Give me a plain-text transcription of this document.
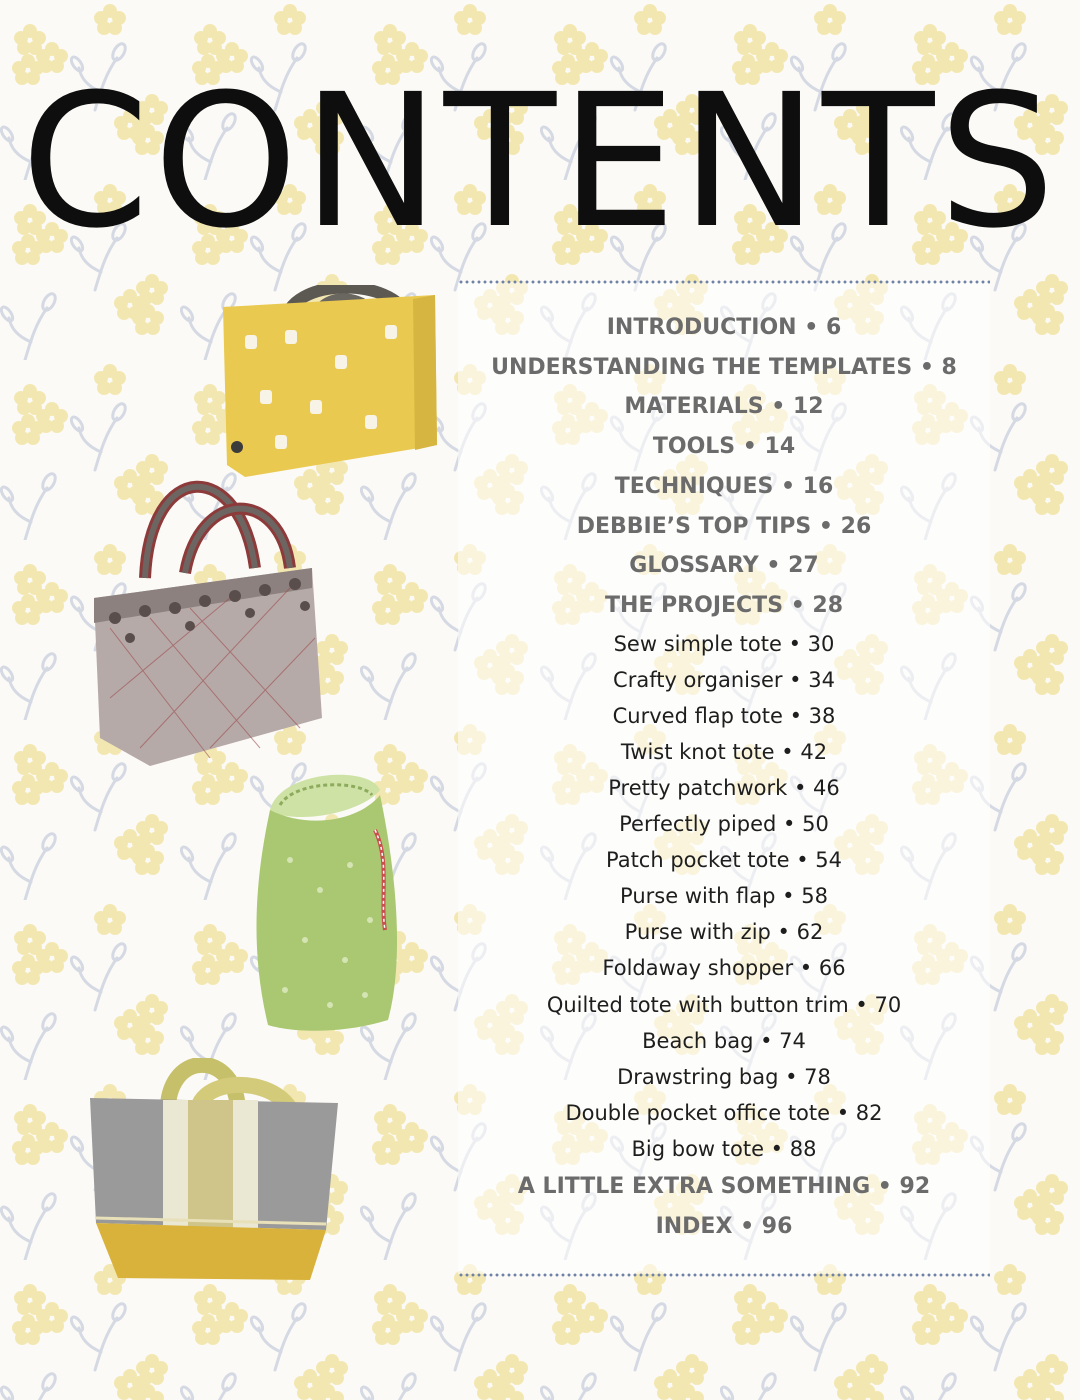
CONTENTS
INTRODUCTION • 6
UNDERSTANDING THE TEMPLATES • 8
MATERIALS • 12
TOOLS • 14
TECHNIQUES • 16
DEBBIE’S TOP TIPS • 26
GLOSSARY • 27
THE PROJECTS • 28
Sew simple tote • 30
Crafty organiser • 34
Curved flap tote • 38
Twist knot tote • 42
Pretty patchwork • 46
Perfectly piped • 50
Patch pocket tote • 54
Purse with flap • 58
Purse with zip • 62
Foldaway shopper • 66
Quilted tote with button trim • 70
Beach bag • 74
Drawstring bag • 78
Double pocket office tote • 82
Big bow tote • 88
A LITTLE EXTRA SOMETHING • 92
INDEX • 96
